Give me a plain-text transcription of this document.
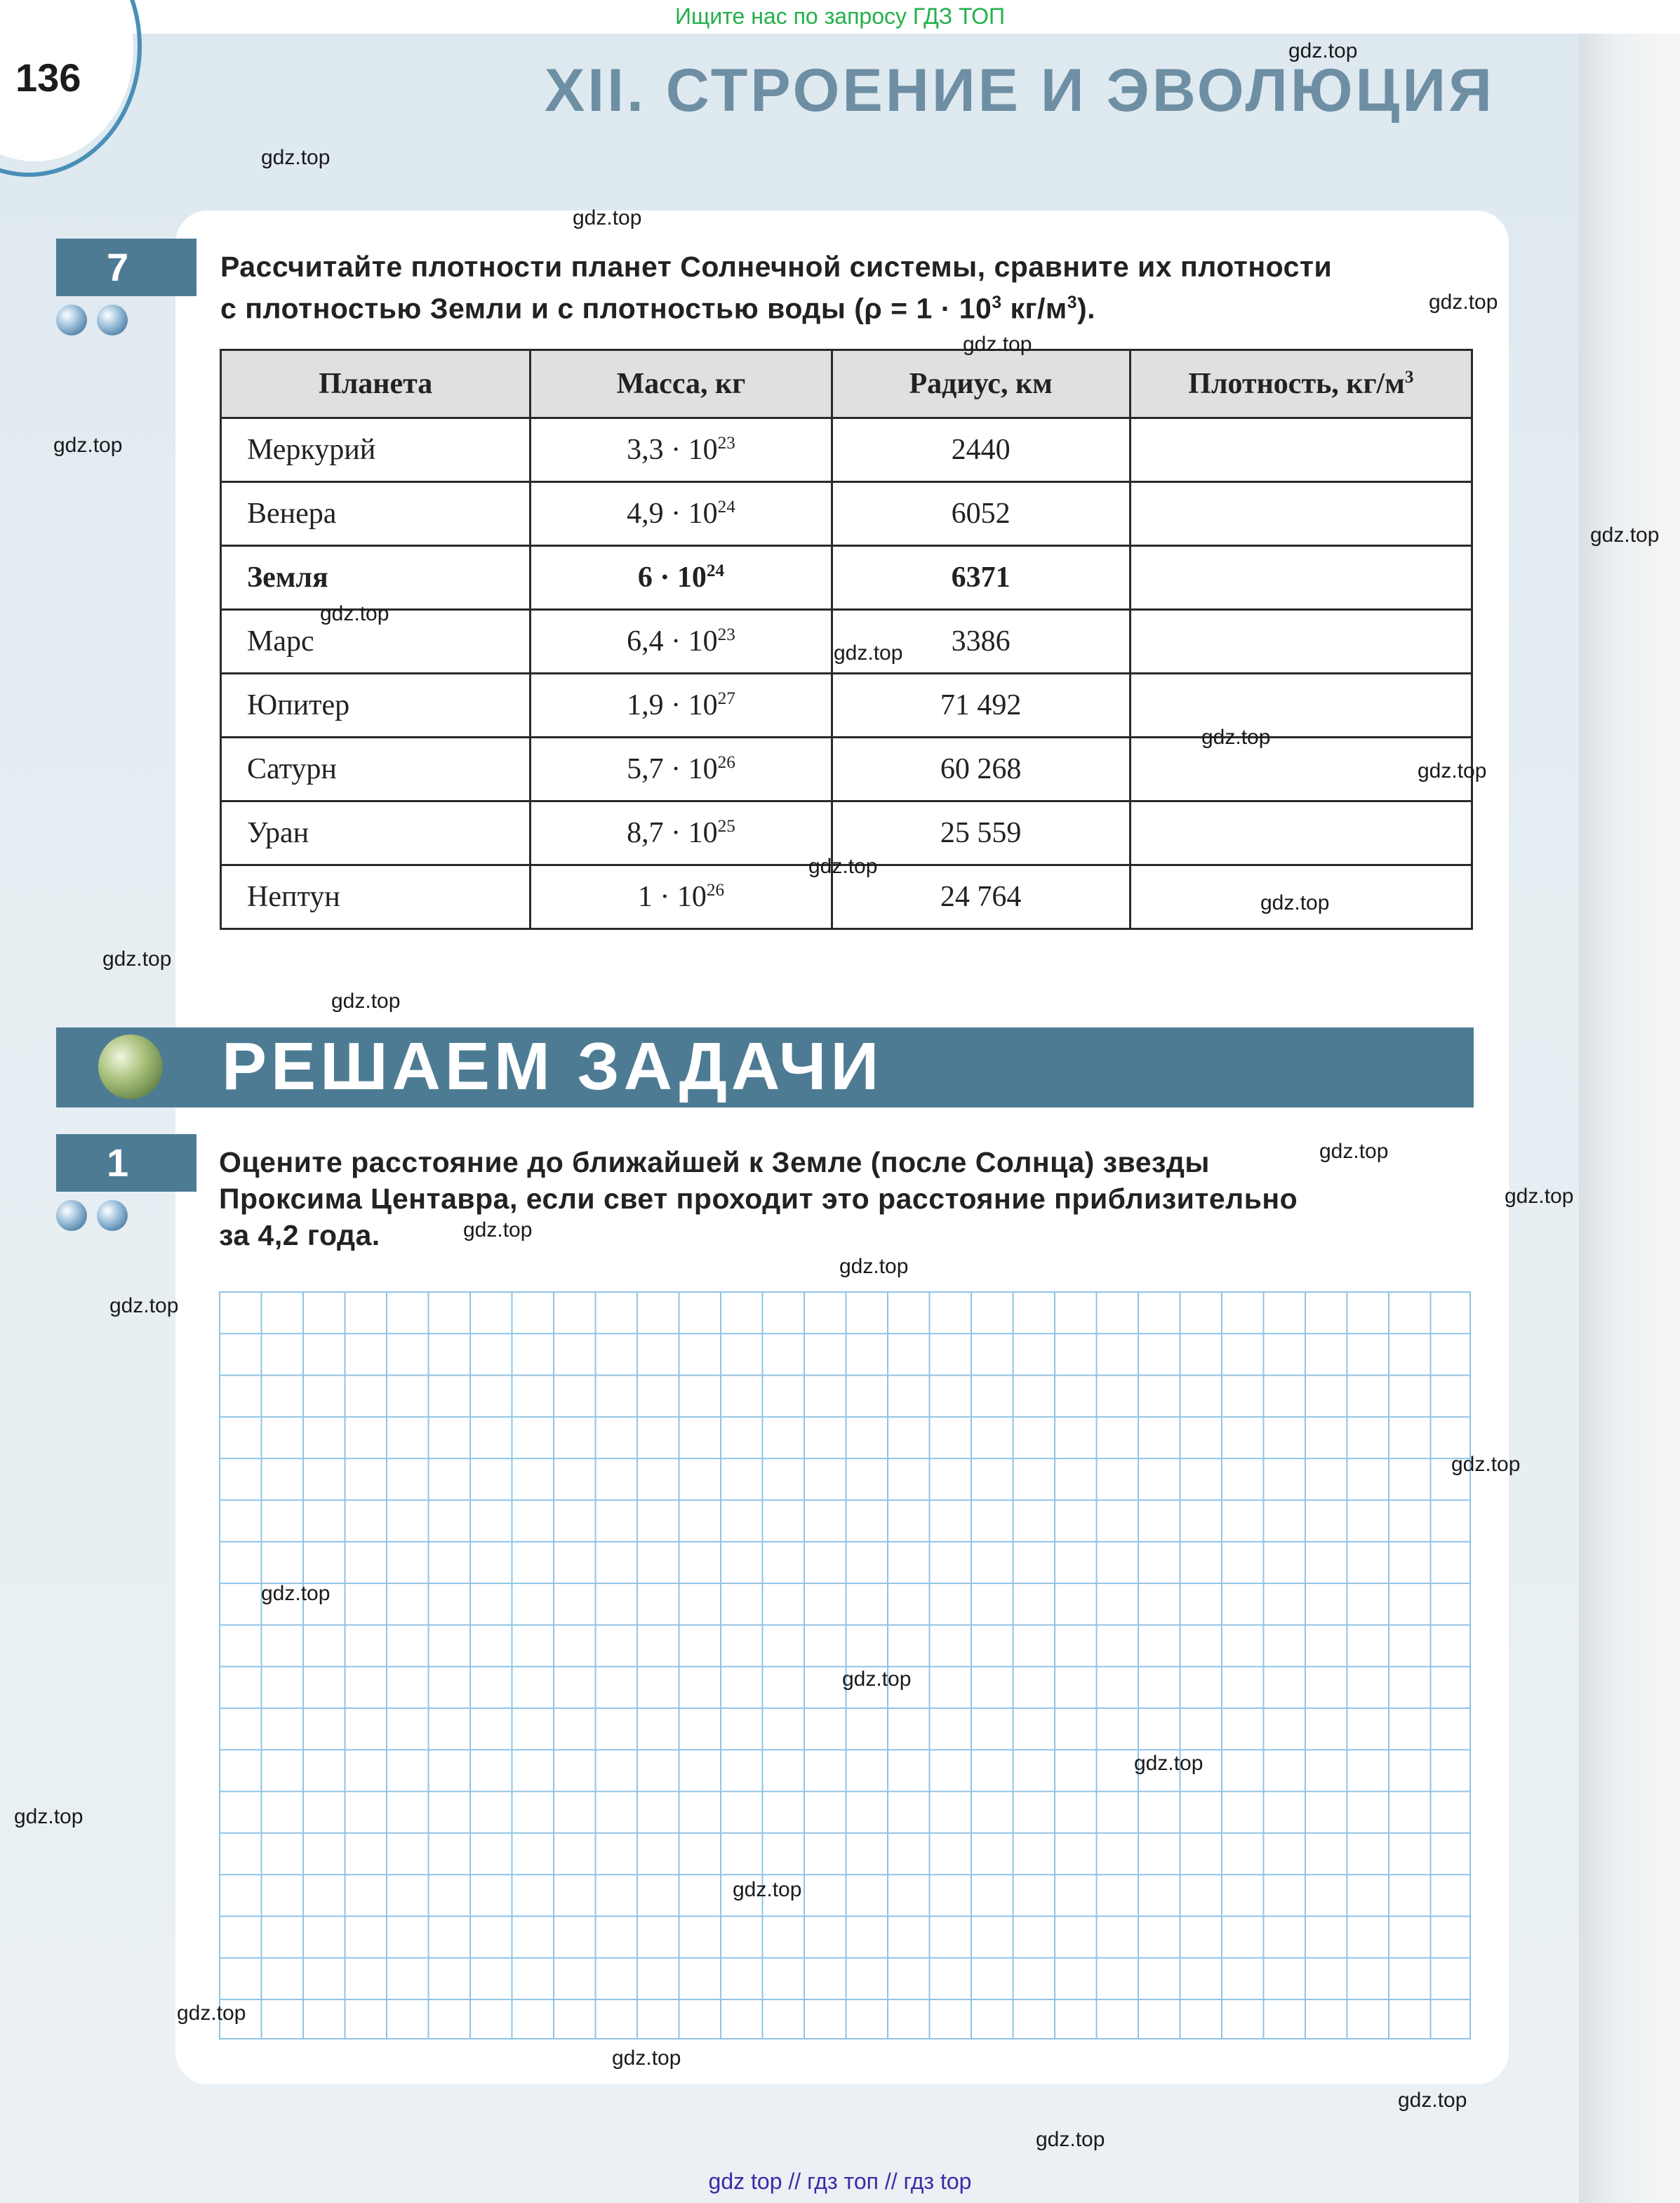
Ищите нас по запросу ГДЗ ТОП
136	XII. СТРОЕНИЕ И ЭВОЛЮЦИЯ
7	Рассчитайте плотности планет Солнечной системы, сравните их плотности
с плотностью Земли и с плотностью воды ($\rho = 1 \cdot 10^3$ $кг/м^3$).
Планета	Масса, кг	Радиус, км	Плотность, $кг/м^3$
Меркурий	$3,3 \cdot 10^{23}$	2440	
Венера	$4,9 \cdot 10^{24}$	6052	
Земля	$6 \cdot 10^{24}$	6371	
Марс	$6,4 \cdot 10^{23}$	3386	
Юпитер	$1,9 \cdot 10^{27}$	71 492	
Сатурн	$5,7 \cdot 10^{26}$	60 268	
Уран	$8,7 \cdot 10^{25}$	25 559	
Нептун	$1 \cdot 10^{26}$	24 764	
РЕШАЕМ ЗАДАЧИ
1	Оцените расстояние до ближайшей к Земле (после Солнца) звезды
Проксима Центавра, если свет проходит это расстояние приблизительно
за 4,2 года.
gdz.top
gdz.top
gdz.top
gdz.top
gdz.top
gdz.top
gdz.top
gdz.top
gdz.top
gdz.top
gdz.top
gdz.top
gdz.top
gdz.top
gdz.top
gdz.top
gdz.top
gdz.top
gdz.top
gdz.top
gdz.top
gdz.top
gdz.top
gdz.top
gdz.top
gdz.top
gdz.top
gdz.top
gdz.top
gdz.top
gdz top // гдз топ // гдз top
